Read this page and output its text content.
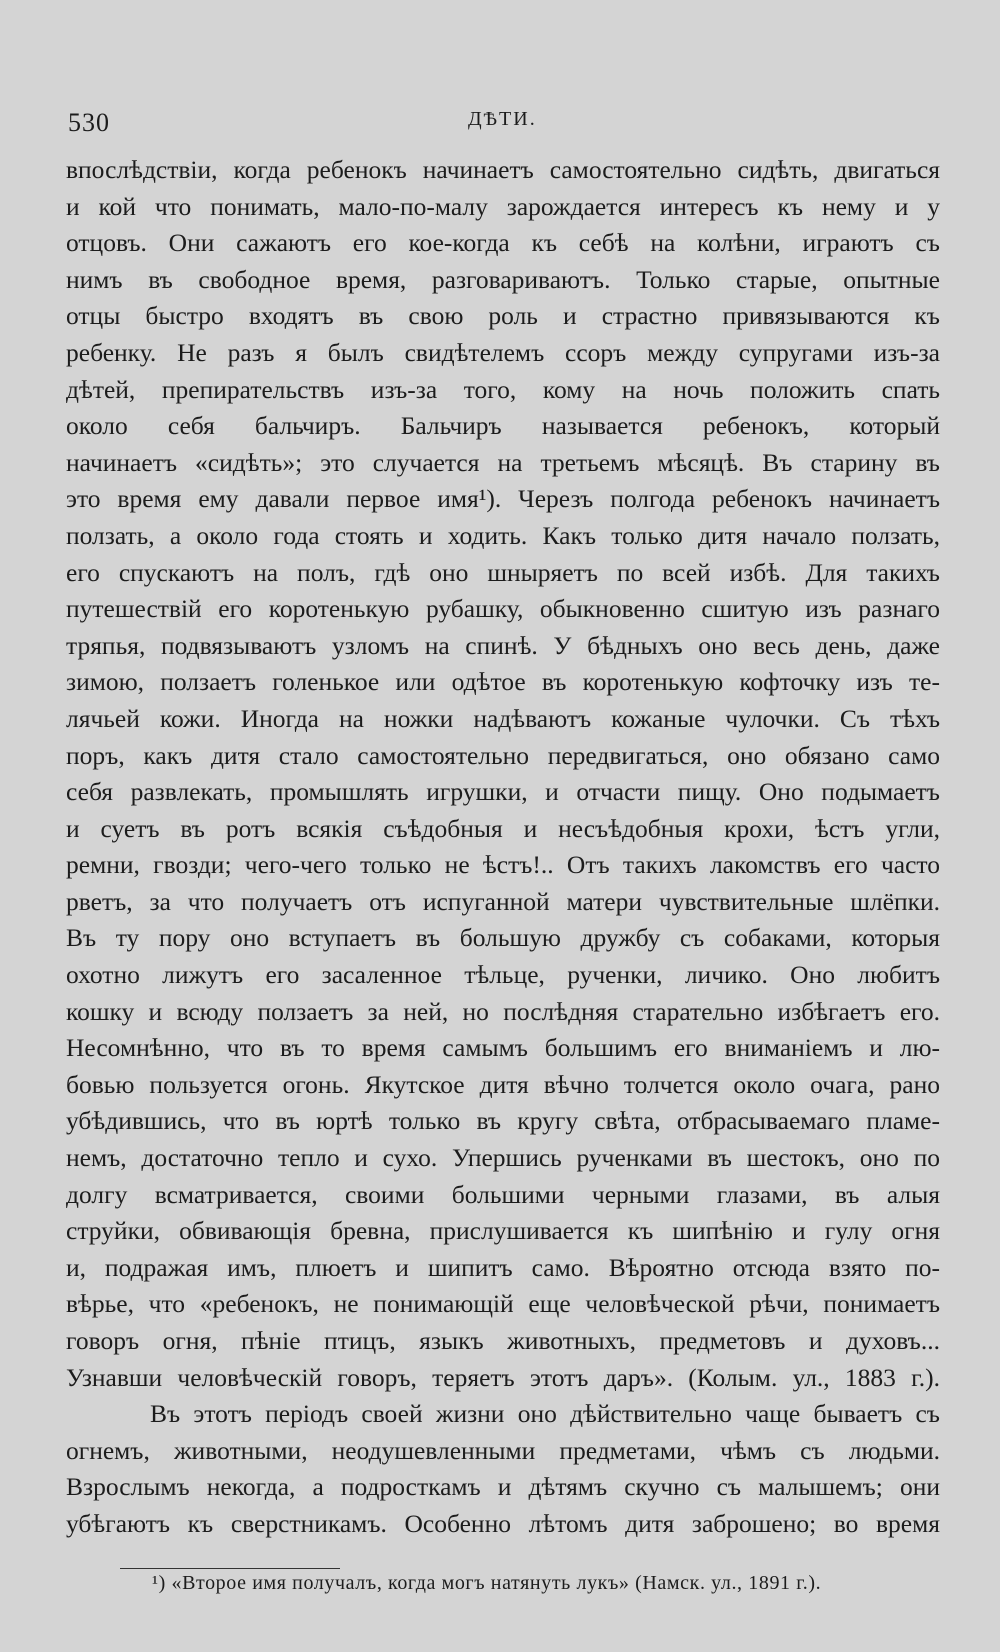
530	ДѢТИ.
впослѣдствіи, когда ребенокъ начинаетъ самостоятельно сидѣть, двигаться
и кой что понимать, мало-по-малу зарождается интересъ къ нему и у
отцовъ. Они сажаютъ его кое-когда къ себѣ на колѣни, играютъ съ
нимъ въ свободное время, разговариваютъ. Только старые, опытные
отцы быстро входятъ въ свою роль и страстно привязываются къ
ребенку. Не разъ я былъ свидѣтелемъ ссоръ между супругами изъ-за
дѣтей, препирательствъ изъ-за того, кому на ночь положить спать
около себя бальчиръ. Бальчиръ называется ребенокъ, который
начинаетъ «сидѣть»; это случается на третьемъ мѣсяцѣ. Въ старину въ
это время ему давали первое имя¹). Черезъ полгода ребенокъ начинаетъ
ползать, а около года стоять и ходить. Какъ только дитя начало ползать,
его спускаютъ на полъ, гдѣ оно шныряетъ по всей избѣ. Для такихъ
путешествій его коротенькую рубашку, обыкновенно сшитую изъ разнаго
тряпья, подвязываютъ узломъ на спинѣ. У бѣдныхъ оно весь день, даже
зимою, ползаетъ голенькое или одѣтое въ коротенькую кофточку изъ те-
лячьей кожи. Иногда на ножки надѣваютъ кожаные чулочки. Съ тѣхъ
поръ, какъ дитя стало самостоятельно передвигаться, оно обязано само
себя развлекать, промышлять игрушки, и отчасти пищу. Оно подымаетъ
и суетъ въ ротъ всякія съѣдобныя и несъѣдобныя крохи, ѣстъ угли,
ремни, гвозди; чего-чего только не ѣстъ!.. Отъ такихъ лакомствъ его часто
рветъ, за что получаетъ отъ испуганной матери чувствительные шлёпки.
Въ ту пору оно вступаетъ въ большую дружбу съ собаками, которыя
охотно лижутъ его засаленное тѣльце, рученки, личико. Оно любитъ
кошку и всюду ползаетъ за ней, но послѣдняя старательно избѣгаетъ его.
Несомнѣнно, что въ то время самымъ большимъ его вниманіемъ и лю-
бовью пользуется огонь. Якутское дитя вѣчно толчется около очага, рано
убѣдившись, что въ юртѣ только въ кругу свѣта, отбрасываемаго пламе-
немъ, достаточно тепло и сухо. Упершись рученками въ шестокъ, оно по
долгу всматривается, своими большими черными глазами, въ алыя
струйки, обвивающія бревна, прислушивается къ шипѣнію и гулу огня
и, подражая имъ, плюетъ и шипитъ само. Вѣроятно отсюда взято по-
вѣрье, что «ребенокъ, не понимающій еще человѣческой рѣчи, понимаетъ
говоръ огня, пѣніе птицъ, языкъ животныхъ, предметовъ и духовъ...
Узнавши человѣческій говоръ, теряетъ этотъ даръ». (Колым. ул., 1883 г.).
Въ этотъ періодъ своей жизни оно дѣйствительно чаще бываетъ съ
огнемъ, животными, неодушевленными предметами, чѣмъ съ людьми.
Взрослымъ некогда, а подросткамъ и дѣтямъ скучно съ малышемъ; они
убѣгаютъ къ сверстникамъ. Особенно лѣтомъ дитя заброшено; во время
¹) «Второе имя получалъ, когда могъ натянуть лукъ» (Намск. ул., 1891 г.).
